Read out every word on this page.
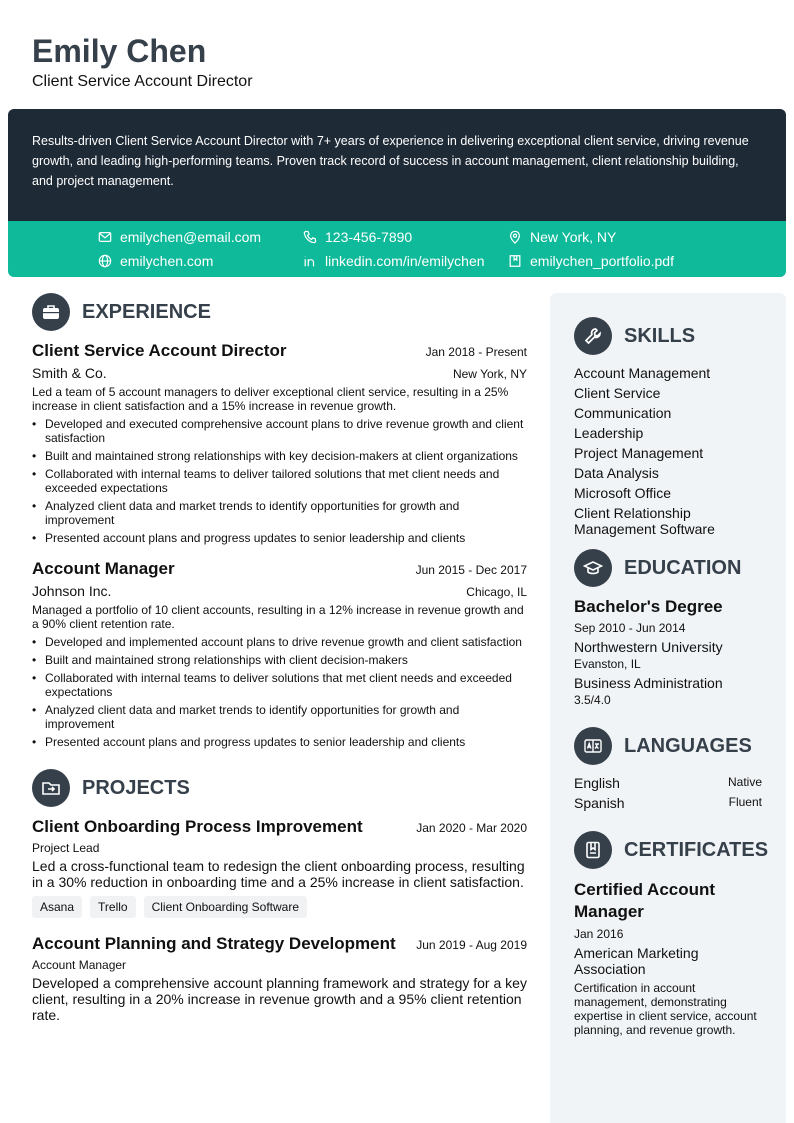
Emily Chen
Client Service Account Director
Results-driven Client Service Account Director with 7+ years of experience in delivering exceptional client service, driving revenue growth, and leading high-performing teams. Proven track record of success in account management, client relationship building, and project management.
emilychen@email.com	123-456-7890	New York, NY
emilychen.com	linkedin.com/in/emilychen	emilychen_portfolio.pdf
EXPERIENCE
Client Service Account Director	Jan 2018 - Present
Smith & Co.	New York, NY
Led a team of 5 account managers to deliver exceptional client service, resulting in a 25% increase in client satisfaction and a 15% increase in revenue growth.
• Developed and executed comprehensive account plans to drive revenue growth and client satisfaction
• Built and maintained strong relationships with key decision-makers at client organizations
• Collaborated with internal teams to deliver tailored solutions that met client needs and exceeded expectations
• Analyzed client data and market trends to identify opportunities for growth and improvement
• Presented account plans and progress updates to senior leadership and clients
Account Manager	Jun 2015 - Dec 2017
Johnson Inc.	Chicago, IL
Managed a portfolio of 10 client accounts, resulting in a 12% increase in revenue growth and a 90% client retention rate.
• Developed and implemented account plans to drive revenue growth and client satisfaction
• Built and maintained strong relationships with client decision-makers
• Collaborated with internal teams to deliver solutions that met client needs and exceeded expectations
• Analyzed client data and market trends to identify opportunities for growth and improvement
• Presented account plans and progress updates to senior leadership and clients
PROJECTS
Client Onboarding Process Improvement	Jan 2020 - Mar 2020
Project Lead
Led a cross-functional team to redesign the client onboarding process, resulting in a 30% reduction in onboarding time and a 25% increase in client satisfaction.
Asana	Trello	Client Onboarding Software
Account Planning and Strategy Development Jun 2019 - Aug 2019
Account Manager
Developed a comprehensive account planning framework and strategy for a key client, resulting in a 20% increase in revenue growth and a 95% client retention rate.
SKILLS
Account Management
Client Service
Communication
Leadership
Project Management
Data Analysis
Microsoft Office
Client Relationship Management Software
EDUCATION
Bachelor's Degree
Sep 2010 - Jun 2014
Northwestern University
Evanston, IL
Business Administration
3.5/4.0
LANGUAGES
English	Native
Spanish	Fluent
CERTIFICATES
Certified Account Manager
Jan 2016
American Marketing Association
Certification in account management, demonstrating expertise in client service, account planning, and revenue growth.
